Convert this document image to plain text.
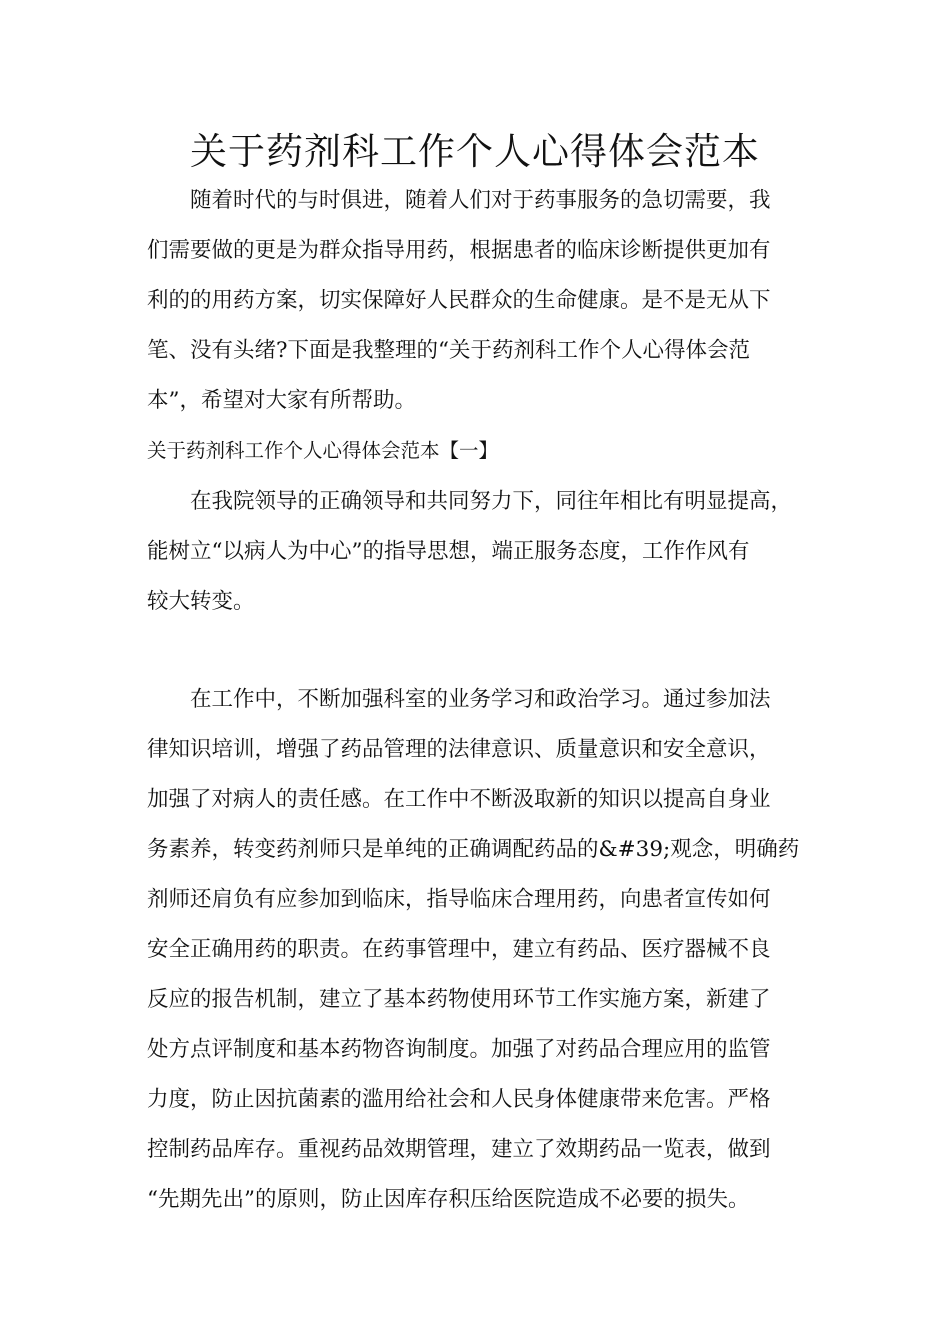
关于药剂科工作个人心得体会范本

随着时代的与时俱进，随着人们对于药事服务的急切需要，我

们需要做的更是为群众指导用药，根据患者的临床诊断提供更加有

利的的用药方案，切实保障好人民群众的生命健康。是不是无从下

笔、没有头绪?下面是我整理的“关于药剂科工作个人心得体会范

本”，希望对大家有所帮助。

关于药剂科工作个人心得体会范本【一】

在我院领导的正确领导和共同努力下，同往年相比有明显提高，

能树立“以病人为中心”的指导思想，端正服务态度，工作作风有

较大转变。

在工作中，不断加强科室的业务学习和政治学习。通过参加法

律知识培训，增强了药品管理的法律意识、质量意识和安全意识，

加强了对病人的责任感。在工作中不断汲取新的知识以提高自身业

务素养，转变药剂师只是单纯的正确调配药品的&#39;观念，明确药

剂师还肩负有应参加到临床，指导临床合理用药，向患者宣传如何

安全正确用药的职责。在药事管理中，建立有药品、医疗器械不良

反应的报告机制，建立了基本药物使用环节工作实施方案，新建了

处方点评制度和基本药物咨询制度。加强了对药品合理应用的监管

力度，防止因抗菌素的滥用给社会和人民身体健康带来危害。严格

控制药品库存。重视药品效期管理，建立了效期药品一览表，做到

“先期先出”的原则，防止因库存积压给医院造成不必要的损失。
